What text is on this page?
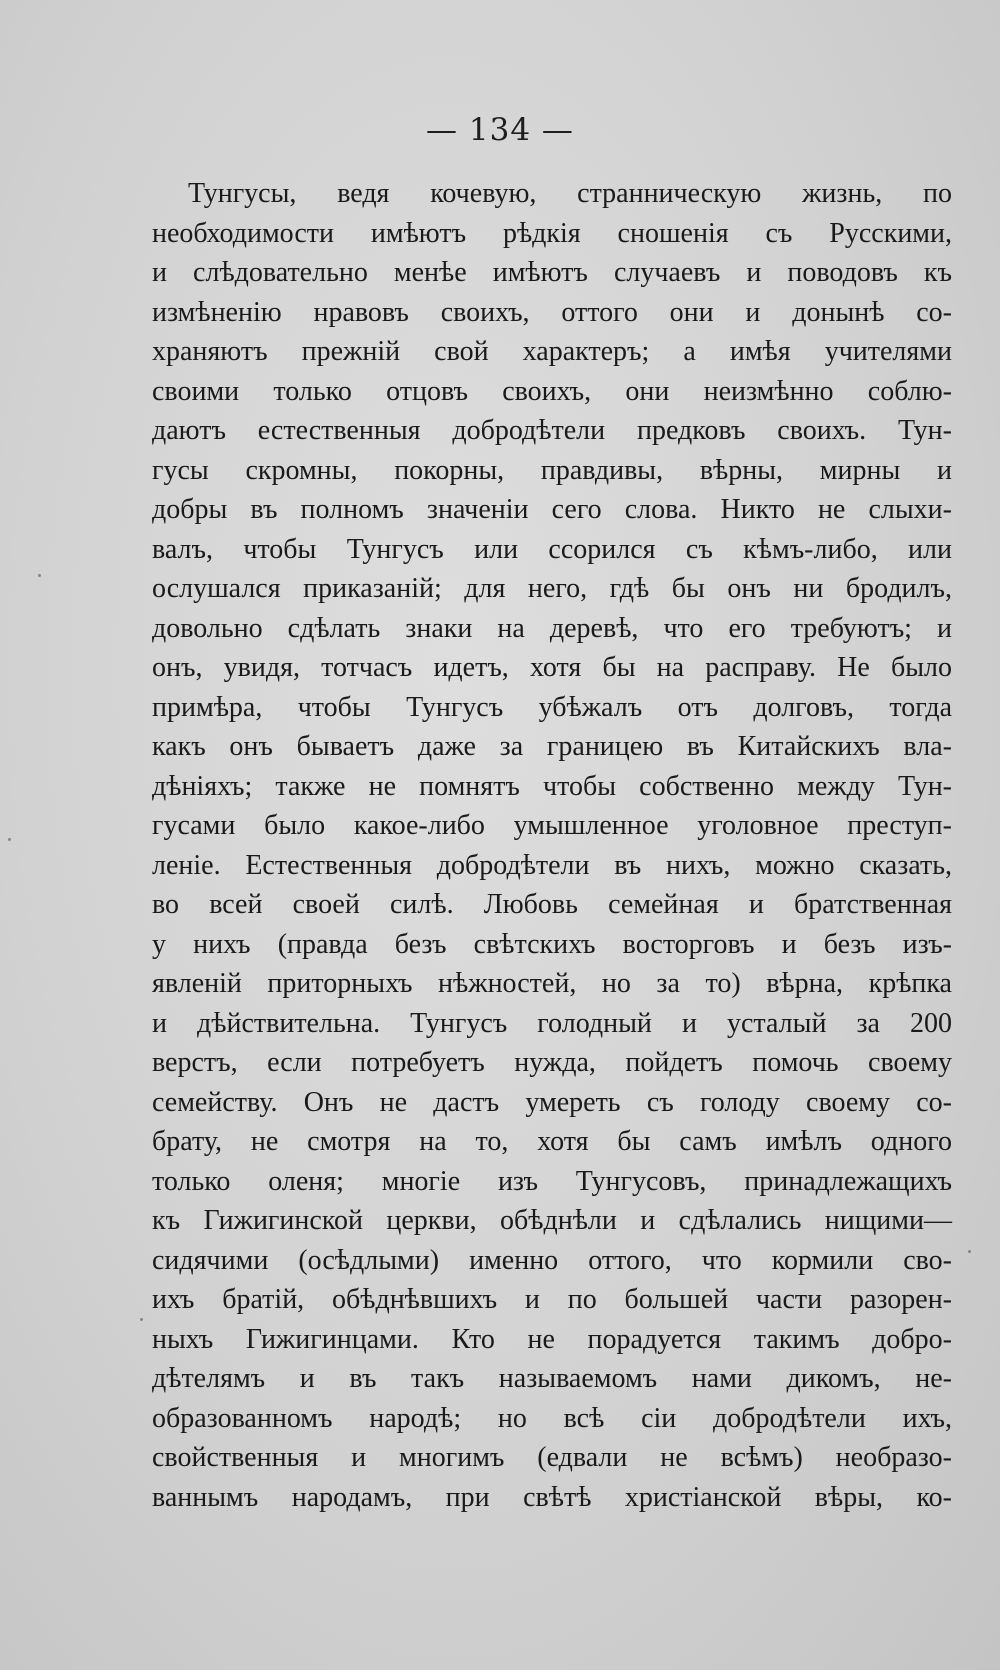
— 134 —
Тунгусы, ведя кочевую, странническую жизнь, по
необходимости имѣютъ рѣдкія сношенія съ Русскими,
и слѣдовательно менѣе имѣютъ случаевъ и поводовъ къ
измѣненію нравовъ своихъ, оттого они и донынѣ со-
храняютъ прежній свой характеръ; а имѣя учителями
своими только отцовъ своихъ, они неизмѣнно соблю-
даютъ естественныя добродѣтели предковъ своихъ. Тун-
гусы скромны, покорны, правдивы, вѣрны, мирны и
добры въ полномъ значеніи сего слова. Никто не слыхи-
валъ, чтобы Тунгусъ или ссорился съ кѣмъ-либо, или
ослушался приказаній; для него, гдѣ бы онъ ни бродилъ,
довольно сдѣлать знаки на деревѣ, что его требуютъ; и
онъ, увидя, тотчасъ идетъ, хотя бы на расправу. Не было
примѣра, чтобы Тунгусъ убѣжалъ отъ долговъ, тогда
какъ онъ бываетъ даже за границею въ Китайскихъ вла-
дѣніяхъ; также не помнятъ чтобы собственно между Тун-
гусами было какое-либо умышленное уголовное преступ-
леніе. Естественныя добродѣтели въ нихъ, можно сказать,
во всей своей силѣ. Любовь семейная и братственная
у нихъ (правда безъ свѣтскихъ восторговъ и безъ изъ-
явленій приторныхъ нѣжностей, но за то) вѣрна, крѣпка
и дѣйствительна. Тунгусъ голодный и усталый за 200
верстъ, если потребуетъ нужда, пойдетъ помочь своему
семейству. Онъ не дастъ умереть съ голоду своему со-
брату, не смотря на то, хотя бы самъ имѣлъ одного
только оленя; многіе изъ Тунгусовъ, принадлежащихъ
къ Гижигинской церкви, обѣднѣли и сдѣлались нищими—
сидячими (осѣдлыми) именно оттого, что кормили сво-
ихъ братій, обѣднѣвшихъ и по большей части разорен-
ныхъ Гижигинцами. Кто не порадуется такимъ добро-
дѣтелямъ и въ такъ называемомъ нами дикомъ, не-
образованномъ народѣ; но всѣ сіи добродѣтели ихъ,
свойственныя и многимъ (едвали не всѣмъ) необразо-
ваннымъ народамъ, при свѣтѣ христіанской вѣры, ко-
